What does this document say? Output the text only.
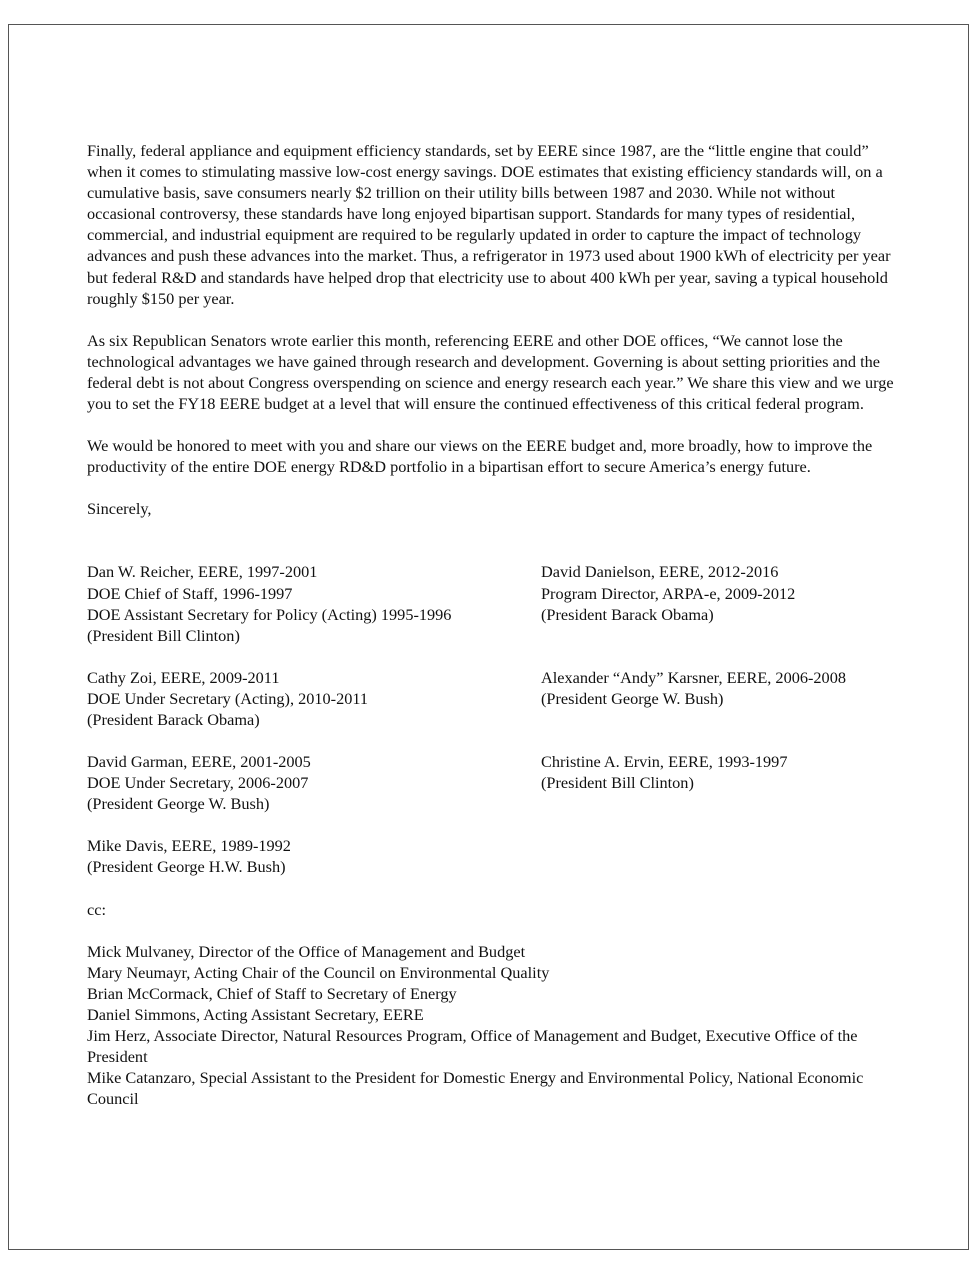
Finally, federal appliance and equipment efficiency standards, set by EERE since 1987, are the “little engine that could” when it comes to stimulating massive low-cost energy savings. DOE estimates that existing efficiency standards will, on a cumulative basis, save consumers nearly $2 trillion on their utility bills between 1987 and 2030. While not without occasional controversy, these standards have long enjoyed bipartisan support. Standards for many types of residential, commercial, and industrial equipment are required to be regularly updated in order to capture the impact of technology advances and push these advances into the market. Thus, a refrigerator in 1973 used about 1900 kWh of electricity per year but federal R&D and standards have helped drop that electricity use to about 400 kWh per year, saving a typical household roughly $150 per year.

As six Republican Senators wrote earlier this month, referencing EERE and other DOE offices, “We cannot lose the technological advantages we have gained through research and development. Governing is about setting priorities and the federal debt is not about Congress overspending on science and energy research each year.” We share this view and we urge you to set the FY18 EERE budget at a level that will ensure the continued effectiveness of this critical federal program.

We would be honored to meet with you and share our views on the EERE budget and, more broadly, how to improve the productivity of the entire DOE energy RD&D portfolio in a bipartisan effort to secure America’s energy future.

Sincerely,

Dan W. Reicher, EERE, 1997-2001
DOE Chief of Staff, 1996-1997
DOE Assistant Secretary for Policy (Acting) 1995-1996
(President Bill Clinton)
David Danielson, EERE, 2012-2016
Program Director, ARPA-e, 2009-2012
(President Barack Obama)
Cathy Zoi, EERE, 2009-2011
DOE Under Secretary (Acting), 2010-2011
(President Barack Obama)
Alexander “Andy” Karsner, EERE, 2006-2008
(President George W. Bush)
David Garman, EERE, 2001-2005
DOE Under Secretary, 2006-2007
(President George W. Bush)
Christine A. Ervin, EERE, 1993-1997
(President Bill Clinton)
Mike Davis, EERE, 1989-1992
(President George H.W. Bush)

cc:

Mick Mulvaney, Director of the Office of Management and Budget
Mary Neumayr, Acting Chair of the Council on Environmental Quality
Brian McCormack, Chief of Staff to Secretary of Energy
Daniel Simmons, Acting Assistant Secretary, EERE
Jim Herz, Associate Director, Natural Resources Program, Office of Management and Budget, Executive Office of the President
Mike Catanzaro, Special Assistant to the President for Domestic Energy and Environmental Policy, National Economic Council
